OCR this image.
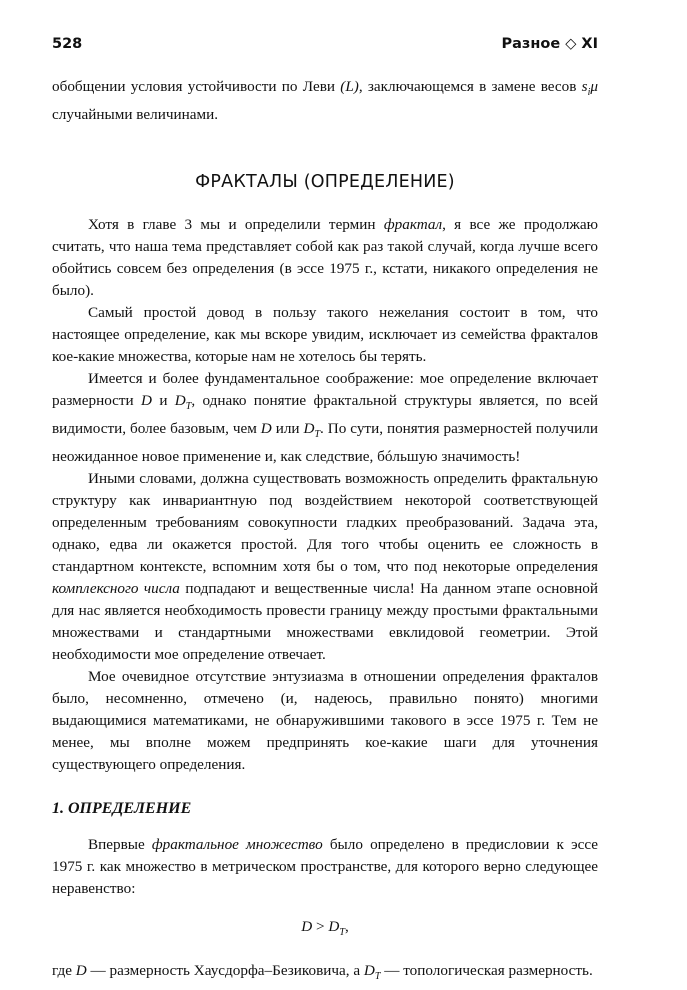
528	Разное ◇ XI

обобщении условия устойчивости по Леви (L), заключающемся в замене весов $s_i\mu$ случайными величинами.

ФРАКТАЛЫ (ОПРЕДЕЛЕНИЕ)

Хотя в главе 3 мы и определили термин фрактал, я все же продолжаю считать, что наша тема представляет собой как раз такой случай, когда лучше всего обойтись совсем без определения (в эссе 1975 г., кстати, никакого определения не было).

Самый простой довод в пользу такого нежелания состоит в том, что настоящее определение, как мы вскоре увидим, исключает из семейства фракталов кое-какие множества, которые нам не хотелось бы терять.

Имеется и более фундаментальное соображение: мое определение включает размерности D и $D_T$, однако понятие фрактальной структуры является, по всей видимости, более базовым, чем D или $D_T$. По сути, понятия размерностей получили неожиданное новое применение и, как следствие, бóльшую значимость!

Иными словами, должна существовать возможность определить фрактальную структуру как инвариантную под воздействием некоторой соответствующей определенным требованиям совокупности гладких преобразований. Задача эта, однако, едва ли окажется простой. Для того чтобы оценить ее сложность в стандартном контексте, вспомним хотя бы о том, что под некоторые определения комплексного числа подпадают и вещественные числа! На данном этапе основной для нас является необходимость провести границу между простыми фрактальными множествами и стандартными множествами евклидовой геометрии. Этой необходимости мое определение отвечает.

Мое очевидное отсутствие энтузиазма в отношении определения фракталов было, несомненно, отмечено (и, надеюсь, правильно понято) многими выдающимися математиками, не обнаружившими такового в эссе 1975 г. Тем не менее, мы вполне можем предпринять кое-какие шаги для уточнения существующего определения.

1. ОПРЕДЕЛЕНИЕ

Впервые фрактальное множество было определено в предисловии к эссе 1975 г. как множество в метрическом пространстве, для которого верно следующее неравенство:

$D > D_T$,

где D — размерность Хаусдорфа–Безиковича, а $D_T$ — топологическая размерность.
